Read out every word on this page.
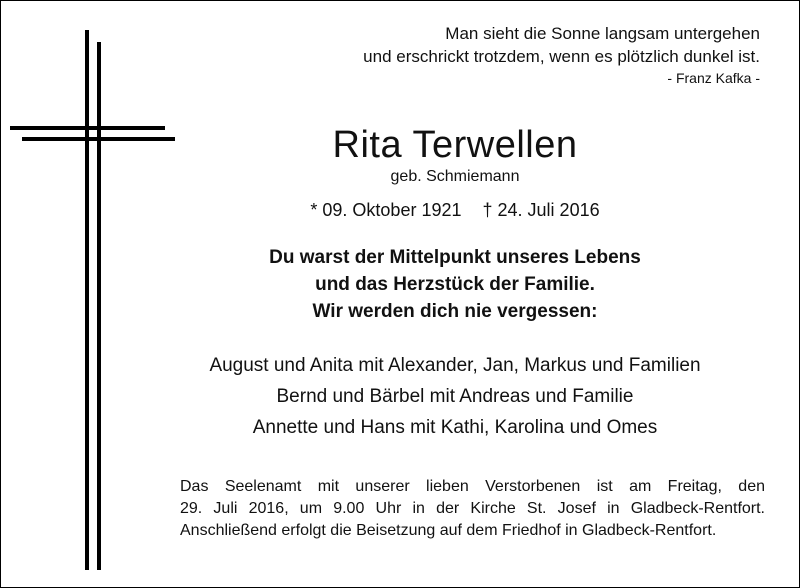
Man sieht die Sonne langsam untergehen
und erschrickt trotzdem, wenn es plötzlich dunkel ist.
- Franz Kafka -
Rita Terwellen
geb. Schmiemann
* 09. Oktober 1921 † 24. Juli 2016
Du warst der Mittelpunkt unseres Lebens
und das Herzstück der Familie.
Wir werden dich nie vergessen:
August und Anita mit Alexander, Jan, Markus und Familien
Bernd und Bärbel mit Andreas und Familie
Annette und Hans mit Kathi, Karolina und Omes
Das Seelenamt mit unserer lieben Verstorbenen ist am Freitag, den
29. Juli 2016, um 9.00 Uhr in der Kirche St. Josef in Gladbeck-Rentfort.
Anschließend erfolgt die Beisetzung auf dem Friedhof in Gladbeck-Rentfort.
